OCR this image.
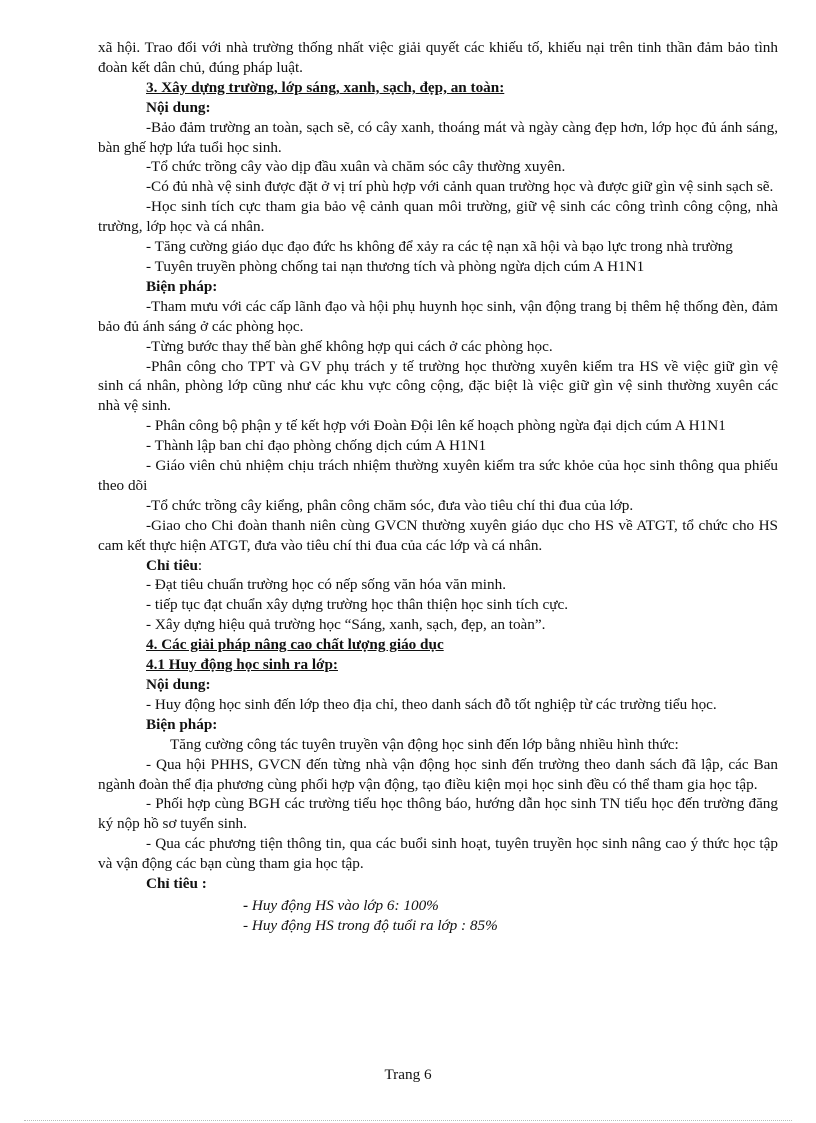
xã hội. Trao đổi với nhà trường thống nhất việc giải quyết các khiếu tố, khiếu nại trên tinh thần đảm bảo tình đoàn kết dân chủ, đúng pháp luật.

3. Xây dựng trường, lớp sáng, xanh, sạch, đẹp, an toàn:

Nội dung:

-Bảo đảm trường an toàn, sạch sẽ, có cây xanh, thoáng mát và ngày càng đẹp hơn, lớp học đủ ánh sáng, bàn ghế hợp lứa tuổi học sinh.

-Tổ chức trồng cây vào dịp đầu xuân và chăm sóc cây thường xuyên.

-Có đủ nhà vệ sinh được đặt ở vị trí phù hợp với cảnh quan trường học và được giữ gìn vệ sinh sạch sẽ.

-Học sinh tích cực tham gia bảo vệ cảnh quan môi trường, giữ vệ sinh các công trình công cộng, nhà trường, lớp học và cá nhân.

- Tăng cường giáo dục đạo đức hs không để xảy ra các tệ nạn xã hội và bạo lực trong nhà trường

- Tuyên truyền phòng chống tai nạn thương tích và phòng ngừa dịch cúm A H1N1

Biện pháp:

-Tham mưu với các cấp lãnh đạo và hội phụ huynh học sinh, vận động trang bị thêm hệ thống đèn, đảm bảo đủ ánh sáng ở các phòng học.

-Từng bước thay thế bàn ghế không hợp qui cách ở các phòng học.

-Phân công cho TPT và GV phụ trách y tế trường học thường xuyên kiểm tra HS về việc giữ gìn vệ sinh cá nhân, phòng lớp cũng như các khu vực công cộng, đặc biệt là việc giữ gìn vệ sinh thường xuyên các nhà vệ sinh.

- Phân công bộ phận y tế kết hợp với Đoàn Đội lên kế hoạch phòng ngừa đại dịch cúm A H1N1

- Thành lập ban chỉ đạo phòng chống dịch cúm A H1N1

- Giáo viên chủ nhiệm chịu trách nhiệm thường xuyên kiểm tra sức khỏe của học sinh thông qua phiếu theo dõi

-Tổ chức trồng cây kiểng, phân công chăm sóc, đưa vào tiêu chí thi đua của lớp.

-Giao cho Chi đoàn thanh niên cùng GVCN thường xuyên giáo dục cho HS về ATGT, tổ chức cho HS cam kết thực hiện ATGT, đưa vào tiêu chí thi đua của các lớp và cá nhân.

Chỉ tiêu:

- Đạt tiêu chuẩn trường học có nếp sống văn hóa văn minh.

- tiếp tục đạt chuẩn xây dựng trường học thân thiện học sinh tích cực.

- Xây dựng hiệu quả trường học “Sáng, xanh, sạch, đẹp, an toàn”.

4. Các giải pháp nâng cao chất lượng giáo dục

4.1 Huy động học sinh ra lớp:

Nội dung:

- Huy động học sinh đến lớp theo địa chỉ, theo danh sách đỗ tốt nghiệp từ các trường tiểu học.

Biện pháp:

Tăng cường công tác tuyên truyền vận động học sinh đến lớp bằng nhiều hình thức:

- Qua hội PHHS, GVCN đến từng nhà vận động học sinh đến trường theo danh sách đã lập, các Ban ngành đoàn thể địa phương cùng phối hợp vận động, tạo điều kiện mọi học sinh đều có thể tham gia học tập.

- Phối hợp cùng BGH các trường tiểu học thông báo, hướng dẫn học sinh TN tiểu học đến trường đăng ký nộp hồ sơ tuyển sinh.

- Qua các phương tiện thông tin, qua các buổi sinh hoạt, tuyên truyền học sinh nâng cao ý thức học tập và vận động các bạn cùng tham gia học tập.

Chỉ tiêu :

- Huy động HS vào lớp 6: 100%

- Huy động HS trong độ tuổi ra lớp : 85%

Trang 6
